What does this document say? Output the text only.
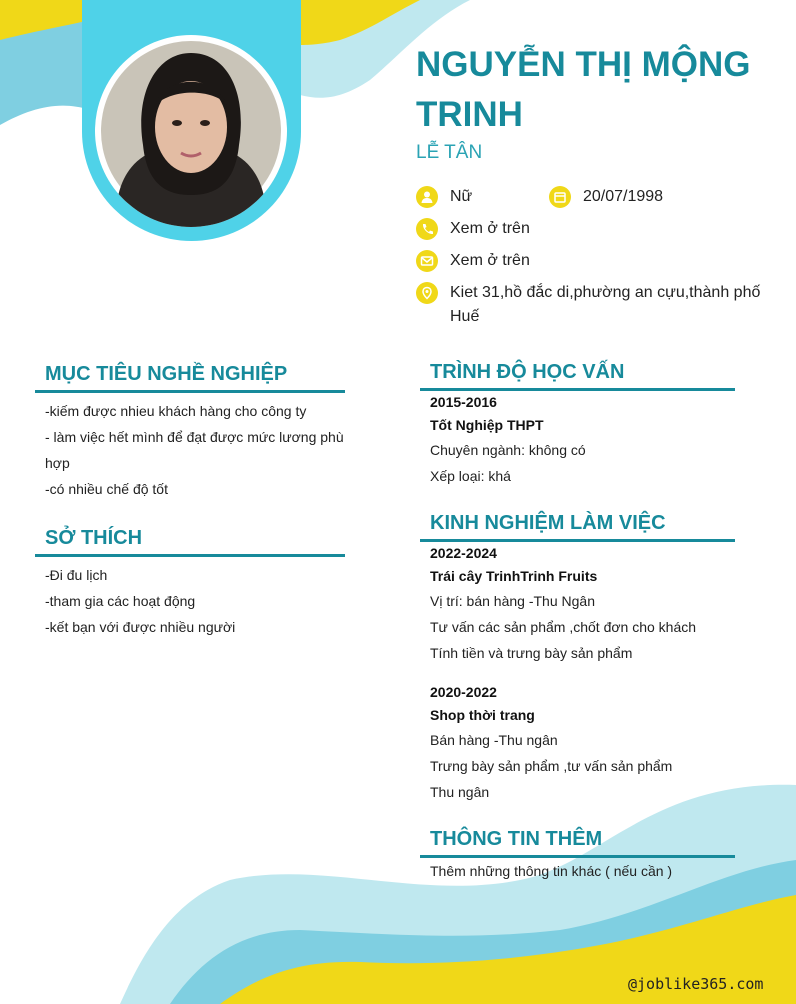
NGUYỄN THỊ MỘNG TRINH
LỄ TÂN
Nữ	20/07/1998
Xem ở trên
Xem ở trên
Kiet 31,hồ đắc di,phường an cựu,thành phố Huế
MỤC TIÊU NGHỀ NGHIỆP
-kiếm được nhieu khách hàng cho công ty
- làm việc hết mình để đạt được mức lương phù
hợp
-có nhiều chế độ tốt
SỞ THÍCH
-Đi đu lịch
-tham gia các hoạt động
-kết bạn với được nhiều người
TRÌNH ĐỘ HỌC VẤN
2015-2016
Tốt Nghiệp THPT
Chuyên ngành: không có
Xếp loại: khá
KINH NGHIỆM LÀM VIỆC
2022-2024
Trái cây TrinhTrinh Fruits
Vị trí: bán hàng -Thu Ngân
Tư vấn các sản phẩm ,chốt đơn cho khách
Tính tiền và trưng bày sản phẩm
2020-2022
Shop thời trang
Bán hàng -Thu ngân
Trưng bày sản phẩm ,tư vấn sản phẩm
Thu ngân
THÔNG TIN THÊM
Thêm những thông tin khác ( nếu cần )
@joblike365.com
